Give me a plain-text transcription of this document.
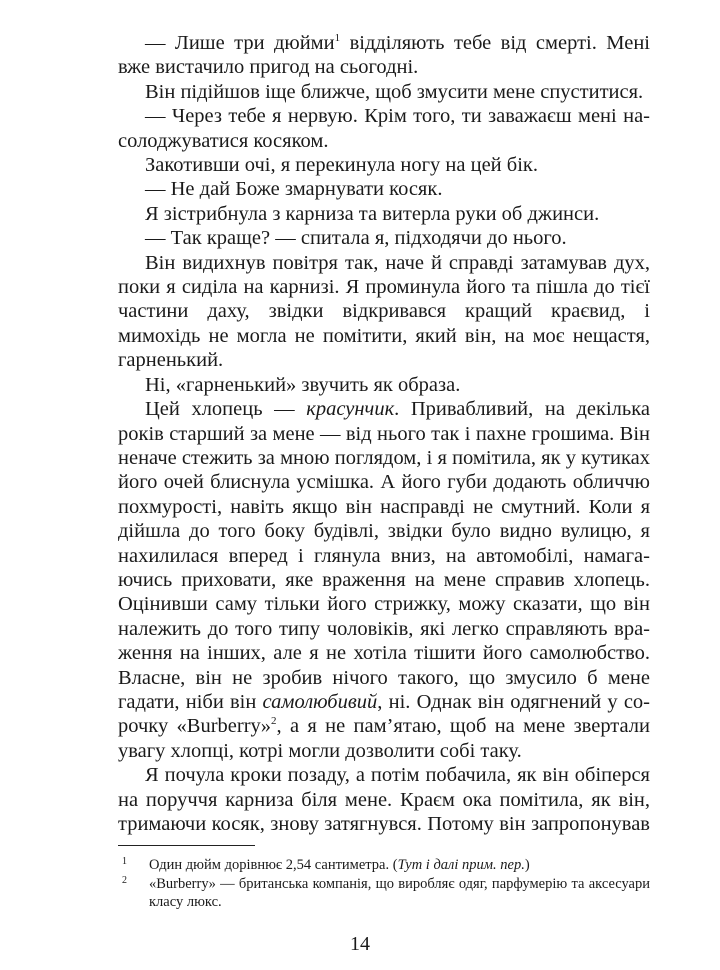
— Лише три дюйми$^1$ відділяють тебе від смерті. Мені вже вистачило пригод на сьогодні.

Він підійшов іще ближче, щоб змусити мене спуститися.

— Через тебе я нервую. Крім того, ти заважаєш мені насолоджуватися косяком.

Закотивши очі, я перекинула ногу на цей бік.

— Не дай Боже змарнувати косяк.

Я зістрибнула з карниза та витерла руки об джинси.

— Так краще? — спитала я, підходячи до нього.

Він видихнув повітря так, наче й справді затамував дух, поки я сиділа на карнизі. Я проминула його та пішла до тієї частини даху, звідки відкривався кращий краєвид, і мимохідь не могла не помітити, який він, на моє нещастя, гарненький.

Ні, «гарненький» звучить як образа.

Цей хлопець — красунчик. Привабливий, на декілька років старший за мене — від нього так і пахне грошима. Він неначе стежить за мною поглядом, і я помітила, як у кутиках його очей блиснула усмішка. А його губи додають обличчю похмурості, навіть якщо він насправді не смутний. Коли я дійшла до того боку будівлі, звідки було видно вулицю, я нахилилася вперед і глянула вниз, на автомобілі, намагаючись приховати, яке враження на мене справив хлопець. Оцінивши саму тільки його стрижку, можу сказати, що він належить до того типу чоловіків, які легко справляють враження на інших, але я не хотіла тішити його самолюбство. Власне, він не зробив нічого такого, що змусило б мене гадати, ніби він самолюбивий, ні. Однак він одягнений у сорочку «Burberry»$^2$, а я не пам’ятаю, щоб на мене звертали увагу хлопці, котрі могли дозволити собі таку.

Я почула кроки позаду, а потім побачила, як він обіперся на поруччя карниза біля мене. Краєм ока помітила, як він, тримаючи косяк, знову затягнувся. Потому він запропонував

1 Один дюйм дорівнює 2,54 сантиметра. (Тут і далі прим. пер.)

2 «Burberry» — британська компанія, що виробляє одяг, парфумерію та аксесуари класу люкс.

14
